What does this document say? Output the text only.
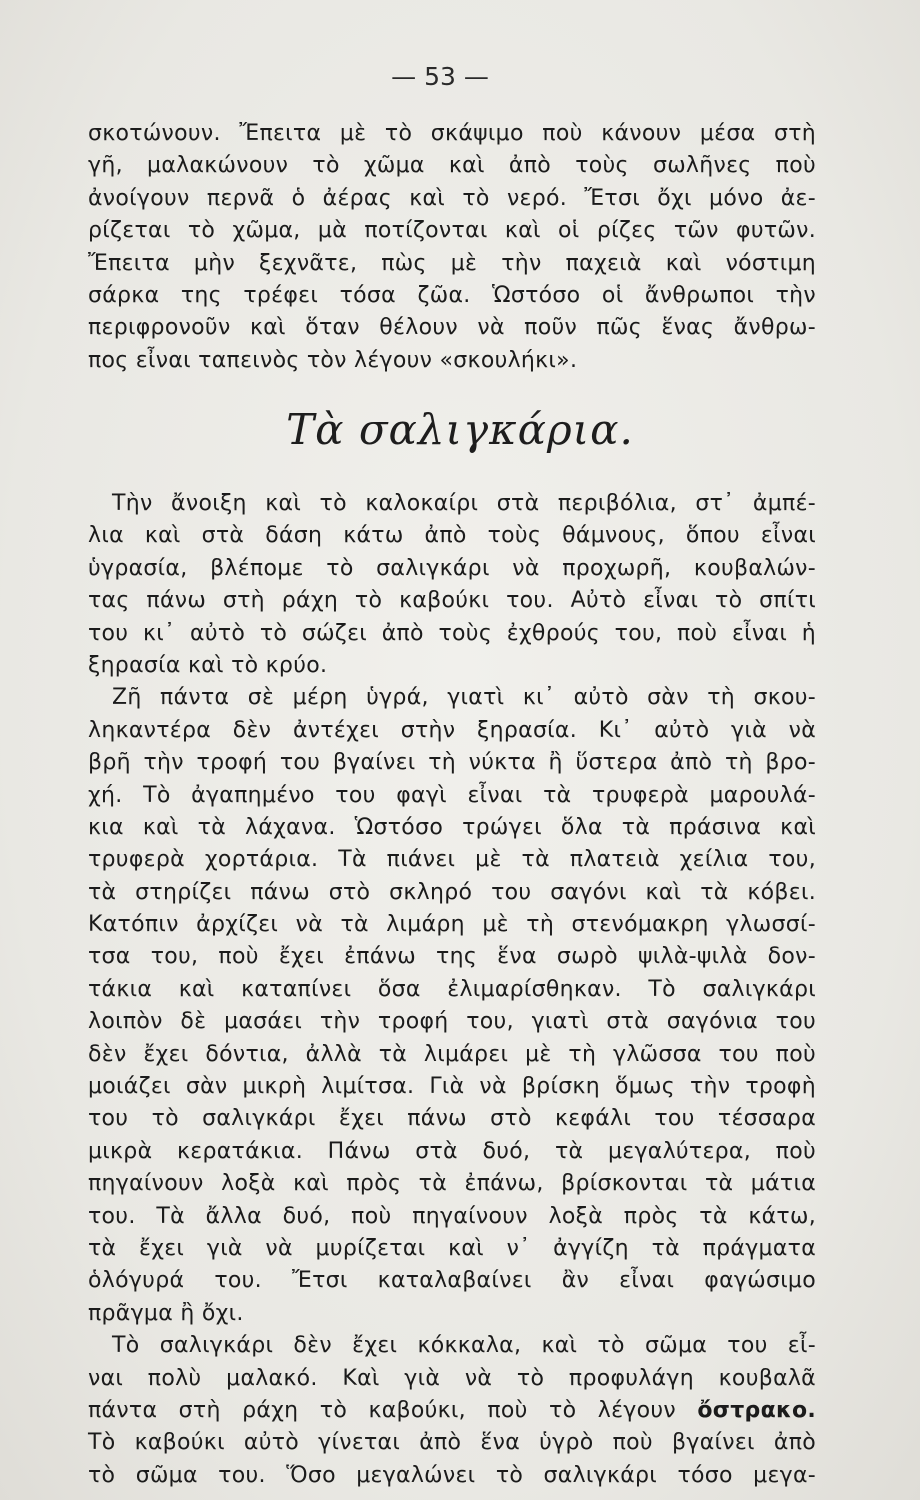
— 53 —
σκοτώνουν. Ἔπειτα μὲ τὸ σκάψιμο ποὺ κάνουν μέσα στὴ
γῆ, μαλακώνουν τὸ χῶμα καὶ ἀπὸ τοὺς σωλῆνες ποὺ
ἀνοίγουν περνᾶ ὁ ἀέρας καὶ τὸ νερό. Ἔτσι ὄχι μόνο ἀε-
ρίζεται τὸ χῶμα, μὰ ποτίζονται καὶ οἱ ρίζες τῶν φυτῶν.
Ἔπειτα μὴν ξεχνᾶτε, πὼς μὲ τὴν παχειὰ καὶ νόστιμη
σάρκα της τρέφει τόσα ζῶα. Ὡστόσο οἱ ἄνθρωποι τὴν
περιφρονοῦν καὶ ὅταν θέλουν νὰ ποῦν πῶς ἕνας ἄνθρω-
πος εἶναι ταπεινὸς τὸν λέγουν «σκουλήκι».
Τὰ σαλιγκάρια.
Τὴν ἄνοιξη καὶ τὸ καλοκαίρι στὰ περιβόλια, στ᾽ ἀμπέ-
λια καὶ στὰ δάση κάτω ἀπὸ τοὺς θάμνους, ὅπου εἶναι
ὑγρασία, βλέπομε τὸ σαλιγκάρι νὰ προχωρῆ, κουβαλών-
τας πάνω στὴ ράχη τὸ καβούκι του. Αὐτὸ εἶναι τὸ σπίτι
του κι᾽ αὐτὸ τὸ σώζει ἀπὸ τοὺς ἐχθρούς του, ποὺ εἶναι ἡ
ξηρασία καὶ τὸ κρύο.
Ζῆ πάντα σὲ μέρη ὑγρά, γιατὶ κι᾽ αὐτὸ σὰν τὴ σκου-
ληκαντέρα δὲν ἀντέχει στὴν ξηρασία. Κι᾽ αὐτὸ γιὰ νὰ
βρῆ τὴν τροφή του βγαίνει τὴ νύκτα ἢ ὕστερα ἀπὸ τὴ βρο-
χή. Τὸ ἀγαπημένο του φαγὶ εἶναι τὰ τρυφερὰ μαρουλά-
κια καὶ τὰ λάχανα. Ὡστόσο τρώγει ὅλα τὰ πράσινα καὶ
τρυφερὰ χορτάρια. Τὰ πιάνει μὲ τὰ πλατειὰ χείλια του,
τὰ στηρίζει πάνω στὸ σκληρό του σαγόνι καὶ τὰ κόβει.
Κατόπιν ἀρχίζει νὰ τὰ λιμάρη μὲ τὴ στενόμακρη γλωσσί-
τσα του, ποὺ ἔχει ἐπάνω της ἕνα σωρὸ ψιλὰ-ψιλὰ δον-
τάκια καὶ καταπίνει ὅσα ἐλιμαρίσθηκαν. Τὸ σαλιγκάρι
λοιπὸν δὲ μασάει τὴν τροφή του, γιατὶ στὰ σαγόνια του
δὲν ἔχει δόντια, ἀλλὰ τὰ λιμάρει μὲ τὴ γλῶσσα του ποὺ
μοιάζει σὰν μικρὴ λιμίτσα. Γιὰ νὰ βρίσκη ὅμως τὴν τροφὴ
του τὸ σαλιγκάρι ἔχει πάνω στὸ κεφάλι του τέσσαρα
μικρὰ κερατάκια. Πάνω στὰ δυό, τὰ μεγαλύτερα, ποὺ
πηγαίνουν λοξὰ καὶ πρὸς τὰ ἐπάνω, βρίσκονται τὰ μάτια
του. Τὰ ἄλλα δυό, ποὺ πηγαίνουν λοξὰ πρὸς τὰ κάτω,
τὰ ἔχει γιὰ νὰ μυρίζεται καὶ ν᾽ ἀγγίζη τὰ πράγματα
ὁλόγυρά του. Ἔτσι καταλαβαίνει ἂν εἶναι φαγώσιμο
πρᾶγμα ἢ ὄχι.
Τὸ σαλιγκάρι δὲν ἔχει κόκκαλα, καὶ τὸ σῶμα του εἶ-
ναι πολὺ μαλακό. Καὶ γιὰ νὰ τὸ προφυλάγη κουβαλᾶ
πάντα στὴ ράχη τὸ καβούκι, ποὺ τὸ λέγουν ὄστρακο.
Τὸ καβούκι αὐτὸ γίνεται ἀπὸ ἕνα ὑγρὸ ποὺ βγαίνει ἀπὸ
τὸ σῶμα του. Ὅσο μεγαλώνει τὸ σαλιγκάρι τόσο μεγα-
